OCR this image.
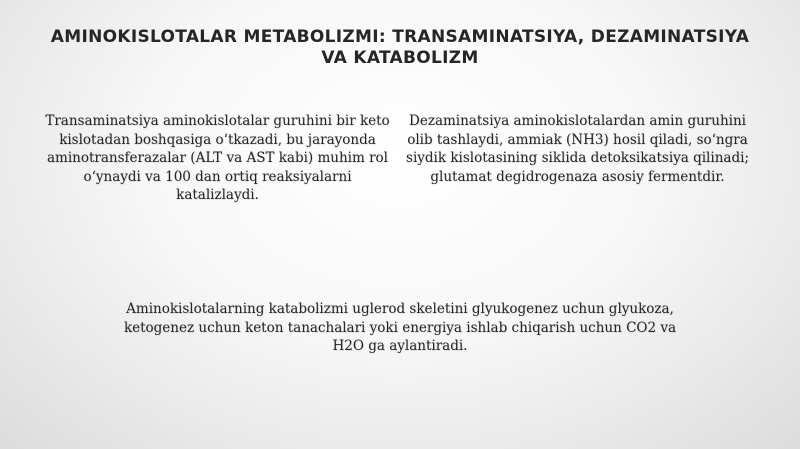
AMINOKISLOTALAR METABOLIZMI: TRANSAMINATSIYA, DEZAMINATSIYA VA KATABOLIZM
Transaminatsiya aminokislotalar guruhini bir keto kislotadan boshqasiga oʻtkazadi, bu jarayonda aminotransferazalar (ALT va AST kabi) muhim rol oʻynaydi va 100 dan ortiq reaksiyalarni katalizlaydi.
Dezaminatsiya aminokislotalardan amin guruhini olib tashlaydi, ammiak (NH3) hosil qiladi, soʻngra siydik kislotasining siklida detoksikatsiya qilinadi; glutamat degidrogenaza asosiy fermentdir.
Aminokislotalarning katabolizmi uglerod skeletini glyukogenez uchun glyukoza, ketogenez uchun keton tanachalari yoki energiya ishlab chiqarish uchun CO2 va H2O ga aylantiradi.
